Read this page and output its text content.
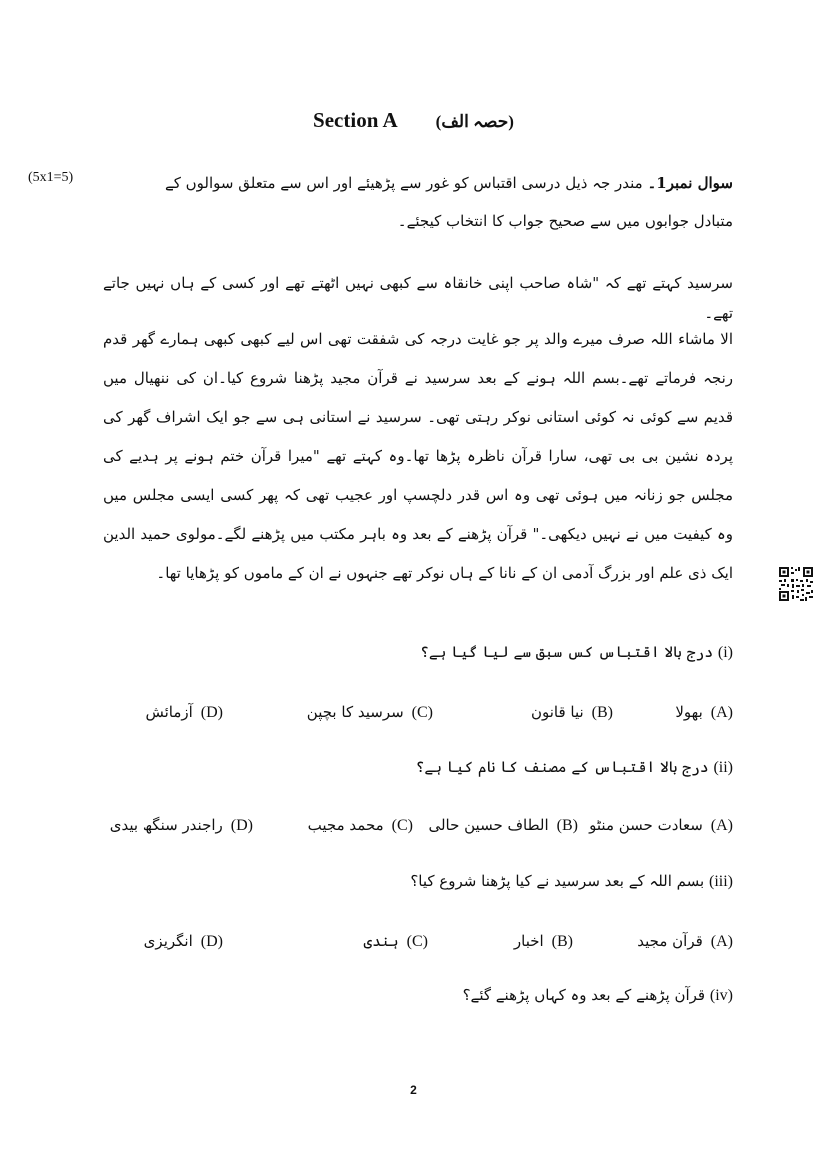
Section A (حصہ الف)
سوال نمبر1۔ مندر جہ ذیل درسی اقتباس کو غور سے پڑھیئے اور اس سے متعلق سوالوں کے متبادل جوابوں میں سے صحیح جواب کا انتخاب کیجئے۔
(5x1=5)
سرسید کہتے تھے کہ "شاہ صاحب اپنی خانقاہ سے کبھی نہیں اٹھتے تھے اور کسی کے ہاں نہیں جاتے تھے۔
الا ماشاء اللہ صرف میرے والد پر جو غایت درجہ کی شفقت تھی اس لیے کبھی کبھی ہمارے گھر قدم رنجہ فرماتے تھے۔بسم اللہ ہونے کے بعد سرسید نے قرآن مجید پڑھنا شروع کیا۔ان کی ننھیال میں قدیم سے کوئی نہ کوئی استانی نوکر رہتی تھی۔ سرسید نے استانی ہی سے جو ایک اشراف گھر کی پردہ نشین بی بی تھی، سارا قرآن ناظرہ پڑھا تھا۔وہ کہتے تھے "میرا قرآن ختم ہونے پر ہدیے کی مجلس جو زنانہ میں ہوئی تھی وہ اس قدر دلچسپ اور عجیب تھی کہ پھر کسی ایسی مجلس میں وہ کیفیت میں نے نہیں دیکھی۔" قرآن پڑھنے کے بعد وہ باہر مکتب میں پڑھنے لگے۔مولوی حمید الدین ایک ذی علم اور بزرگ آدمی ان کے نانا کے ہاں نوکر تھے جنہوں نے ان کے ماموں کو پڑھایا تھا۔
(i) درج بالا اقتباس کس سبق سے لیا گیا ہے؟
(A)بھولا
(B)نیا قانون
(C)سرسید کا بچپن
(D)آزمائش
(ii) درج بالا اقتباس کے مصنف کا نام کیا ہے؟
(A)سعادت حسن منٹو
(B)الطاف حسین حالی
(C)محمد مجیب
(D)راجندر سنگھ بیدی
(iii) بسم اللہ کے بعد سرسید نے کیا پڑھنا شروع کیا؟
(A)قرآن مجید
(B)اخبار
(C)ہندی
(D)انگریزی
(iv) قرآن پڑھنے کے بعد وہ کہاں پڑھنے گئے؟
2
